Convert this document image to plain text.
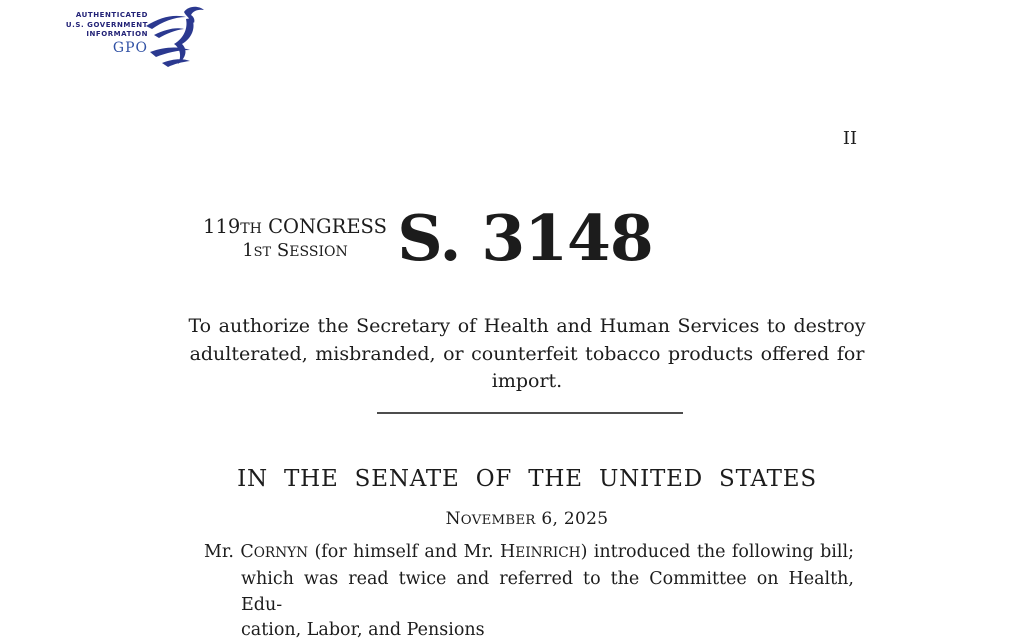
AUTHENTICATED
U.S. GOVERNMENT
INFORMATION
GPO
II
119TH CONGRESS
1ST SESSION S. 3148
To authorize the Secretary of Health and Human Services to destroy
adulterated, misbranded, or counterfeit tobacco products offered for import.
IN THE SENATE OF THE UNITED STATES
NOVEMBER 6, 2025
Mr. CORNYN (for himself and Mr. HEINRICH) introduced the following bill;
which was read twice and referred to the Committee on Health, Edu-
cation, Labor, and Pensions
